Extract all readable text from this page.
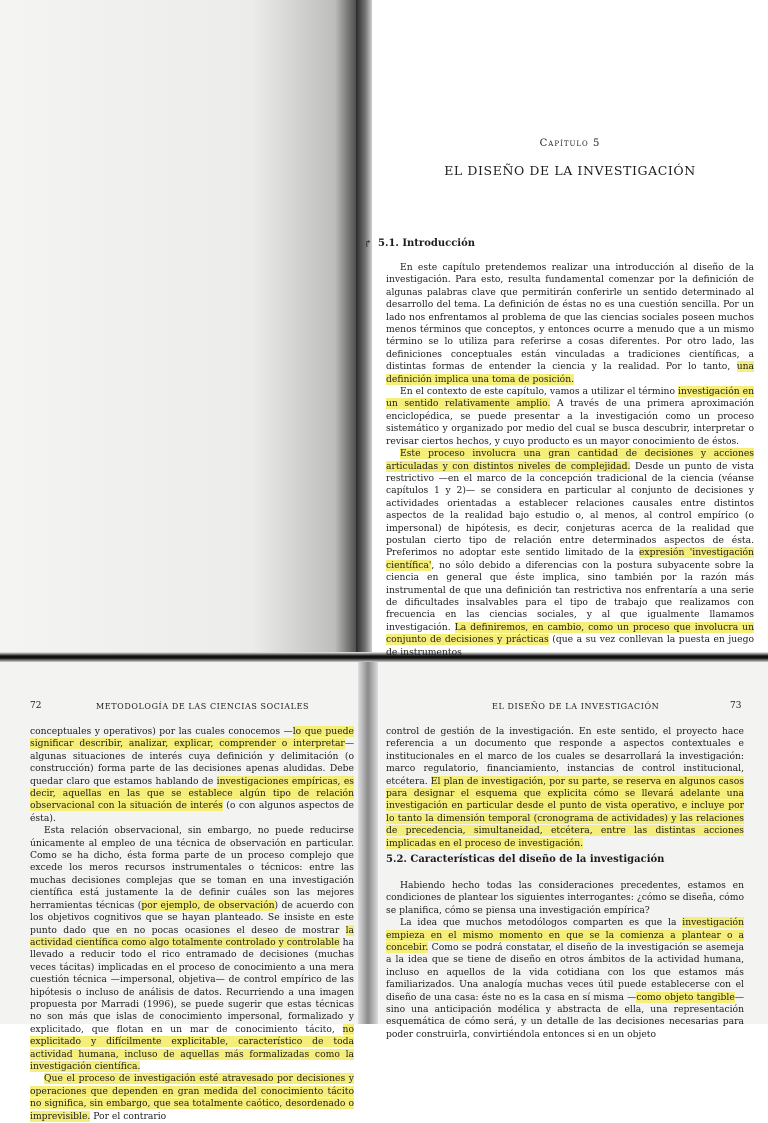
Capítulo 5
EL DISEÑO DE LA INVESTIGACIÓN
↱ 5.1. Introducción

En este capítulo pretendemos realizar una introducción al diseño de la investigación. Para esto, resulta fundamental comenzar por la definición de algunas palabras clave que permitirán conferirle un sentido determinado al desarrollo del tema. La definición de éstas no es una cuestión sencilla. Por un lado nos enfrentamos al problema de que las ciencias sociales poseen muchos menos términos que conceptos, y entonces ocurre a menudo que a un mismo término se lo utiliza para referirse a cosas diferentes. Por otro lado, las definiciones conceptuales están vinculadas a tradiciones científicas, a distintas formas de entender la ciencia y la realidad. Por lo tanto, una definición implica una toma de posición.

En el contexto de este capítulo, vamos a utilizar el término investigación en un sentido relativamente amplio. A través de una primera aproximación enciclopédica, se puede presentar a la investigación como un proceso sistemático y organizado por medio del cual se busca descubrir, interpretar o revisar ciertos hechos, y cuyo producto es un mayor conocimiento de éstos.

Este proceso involucra una gran cantidad de decisiones y acciones articuladas y con distintos niveles de complejidad. Desde un punto de vista restrictivo —en el marco de la concepción tradicional de la ciencia (véanse capítulos 1 y 2)— se considera en particular al conjunto de decisiones y actividades orientadas a establecer relaciones causales entre distintos aspectos de la realidad bajo estudio o, al menos, al control empírico (o impersonal) de hipótesis, es decir, conjeturas acerca de la realidad que postulan cierto tipo de relación entre determinados aspectos de ésta. Preferimos no adoptar este sentido limitado de la expresión 'investigación científica', no sólo debido a diferencias con la postura subyacente sobre la ciencia en general que éste implica, sino también por la razón más instrumental de que una definición tan restrictiva nos enfrentaría a una serie de dificultades insalvables para el tipo de trabajo que realizamos con frecuencia en las ciencias sociales, y al que igualmente llamamos investigación. La definiremos, en cambio, como un proceso que involucra un conjunto de decisiones y prácticas (que a su vez conllevan la puesta en juego de instrumentos

72	METODOLOGÍA DE LAS CIENCIAS SOCIALES	EL DISEÑO DE LA INVESTIGACIÓN	73

conceptuales y operativos) por las cuales conocemos —lo que puede significar describir, analizar, explicar, comprender o interpretar— algunas situaciones de interés cuya definición y delimitación (o construcción) forma parte de las decisiones apenas aludidas. Debe quedar claro que estamos hablando de investigaciones empíricas, es decir, aquellas en las que se establece algún tipo de relación observacional con la situación de interés (o con algunos aspectos de ésta).

Esta relación observacional, sin embargo, no puede reducirse únicamente al empleo de una técnica de observación en particular. Como se ha dicho, ésta forma parte de un proceso complejo que excede los meros recursos instrumentales o técnicos: entre las muchas decisiones complejas que se toman en una investigación científica está justamente la de definir cuáles son las mejores herramientas técnicas (por ejemplo, de observación) de acuerdo con los objetivos cognitivos que se hayan planteado. Se insiste en este punto dado que en no pocas ocasiones el deseo de mostrar la actividad científica como algo totalmente controlado y controlable ha llevado a reducir todo el rico entramado de decisiones (muchas veces tácitas) implicadas en el proceso de conocimiento a una mera cuestión técnica —impersonal, objetiva— de control empírico de las hipótesis o incluso de análisis de datos. Recurriendo a una imagen propuesta por Marradi (1996), se puede sugerir que estas técnicas no son más que islas de conocimiento impersonal, formalizado y explicitado, que flotan en un mar de conocimiento tácito, no explicitado y difícilmente explicitable, característico de toda actividad humana, incluso de aquellas más formalizadas como la investigación científica.

Que el proceso de investigación esté atravesado por decisiones y operaciones que dependen en gran medida del conocimiento tácito no significa, sin embargo, que sea totalmente caótico, desordenado o imprevisible. Por el contrario

control de gestión de la investigación. En este sentido, el proyecto hace referencia a un documento que responde a aspectos contextuales e institucionales en el marco de los cuales se desarrollará la investigación: marco regulatorio, financiamiento, instancias de control institucional, etcétera. El plan de investigación, por su parte, se reserva en algunos casos para designar el esquema que explicita cómo se llevará adelante una investigación en particular desde el punto de vista operativo, e incluye por lo tanto la dimensión temporal (cronograma de actividades) y las relaciones de precedencia, simultaneidad, etcétera, entre las distintas acciones implicadas en el proceso de investigación.

5.2. Características del diseño de la investigación

Habiendo hecho todas las consideraciones precedentes, estamos en condiciones de plantear los siguientes interrogantes: ¿cómo se diseña, cómo se planifica, cómo se piensa una investigación empírica?

La idea que muchos metodólogos comparten es que la investigación empieza en el mismo momento en que se la comienza a plantear o a concebir. Como se podrá constatar, el diseño de la investigación se asemeja a la idea que se tiene de diseño en otros ámbitos de la actividad humana, incluso en aquellos de la vida cotidiana con los que estamos más familiarizados. Una analogía muchas veces útil puede establecerse con el diseño de una casa: éste no es la casa en sí misma —como objeto tangible— sino una anticipación modélica y abstracta de ella, una representación esquemática de cómo será, y un detalle de las decisiones necesarias para poder construirla, convirtiéndola entonces si en un objeto
